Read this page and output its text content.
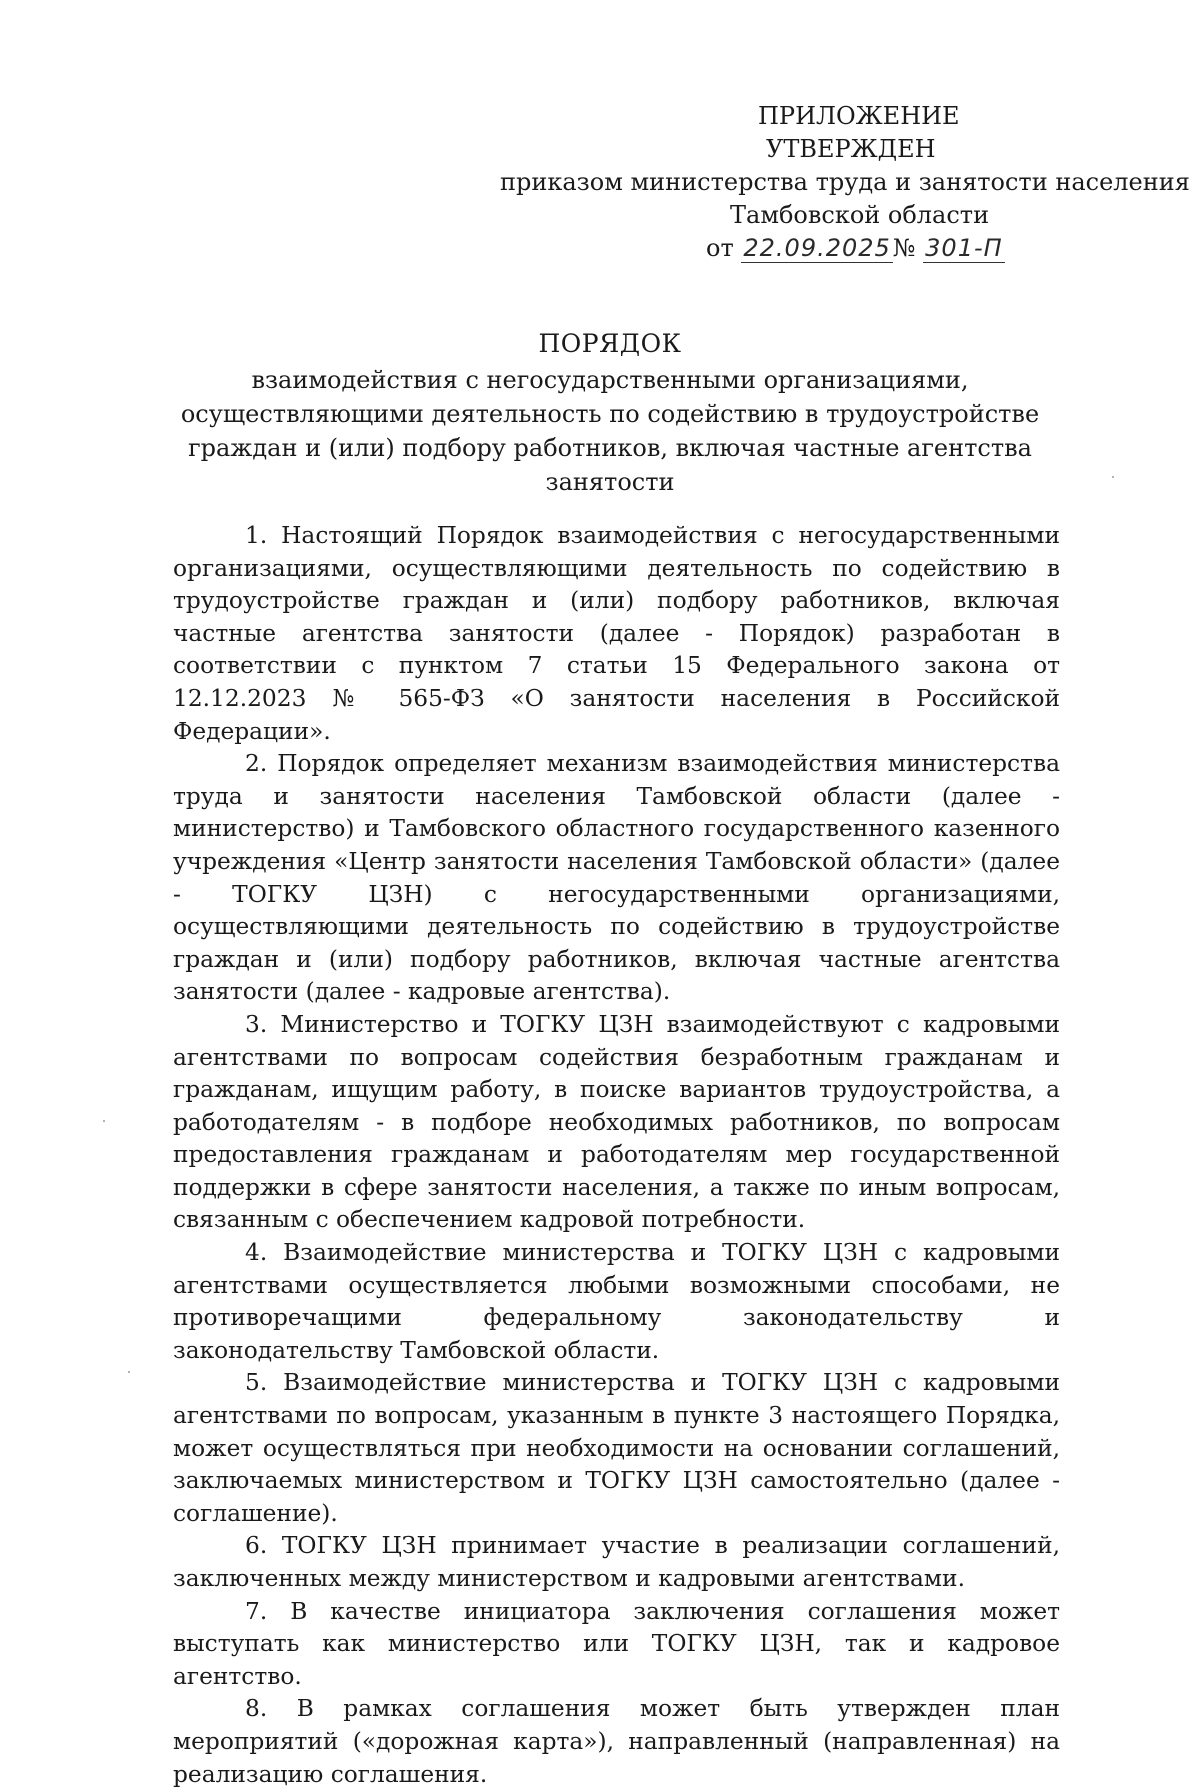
ПРИЛОЖЕНИЕ
УТВЕРЖДЕН
приказом министерства труда и занятости населения
Тамбовской области
от 22.09.2025№ 301-П
ПОРЯДОК
взаимодействия с негосударственными организациями, осуществляющими деятельность по содействию в трудоустройстве граждан и (или) подбору работников, включая частные агентства занятости

1. Настоящий Порядок взаимодействия с негосударственными организациями, осуществляющими деятельность по содействию в трудоустройстве граждан и (или) подбору работников, включая частные агентства занятости (далее - Порядок) разработан в соответствии с пунктом 7 статьи 15 Федерального закона от 12.12.2023 № 565-ФЗ «О занятости населения в Российской Федерации».

2. Порядок определяет механизм взаимодействия министерства труда и занятости населения Тамбовской области (далее - министерство) и Тамбовского областного государственного казенного учреждения «Центр занятости населения Тамбовской области» (далее - ТОГКУ ЦЗН) с негосударственными организациями, осуществляющими деятельность по содействию в трудоустройстве граждан и (или) подбору работников, включая частные агентства занятости (далее - кадровые агентства).

3. Министерство и ТОГКУ ЦЗН взаимодействуют с кадровыми агентствами по вопросам содействия безработным гражданам и гражданам, ищущим работу, в поиске вариантов трудоустройства, а работодателям - в подборе необходимых работников, по вопросам предоставления гражданам и работодателям мер государственной поддержки в сфере занятости населения, а также по иным вопросам, связанным с обеспечением кадровой потребности.

4. Взаимодействие министерства и ТОГКУ ЦЗН с кадровыми агентствами осуществляется любыми возможными способами, не противоречащими федеральному законодательству и законодательству Тамбовской области.

5. Взаимодействие министерства и ТОГКУ ЦЗН с кадровыми агентствами по вопросам, указанным в пункте 3 настоящего Порядка, может осуществляться при необходимости на основании соглашений, заключаемых министерством и ТОГКУ ЦЗН самостоятельно (далее - соглашение).

6. ТОГКУ ЦЗН принимает участие в реализации соглашений, заключенных между министерством и кадровыми агентствами.

7. В качестве инициатора заключения соглашения может выступать как министерство или ТОГКУ ЦЗН, так и кадровое агентство.

8. В рамках соглашения может быть утвержден план мероприятий («дорожная карта»), направленный (направленная) на реализацию соглашения.
